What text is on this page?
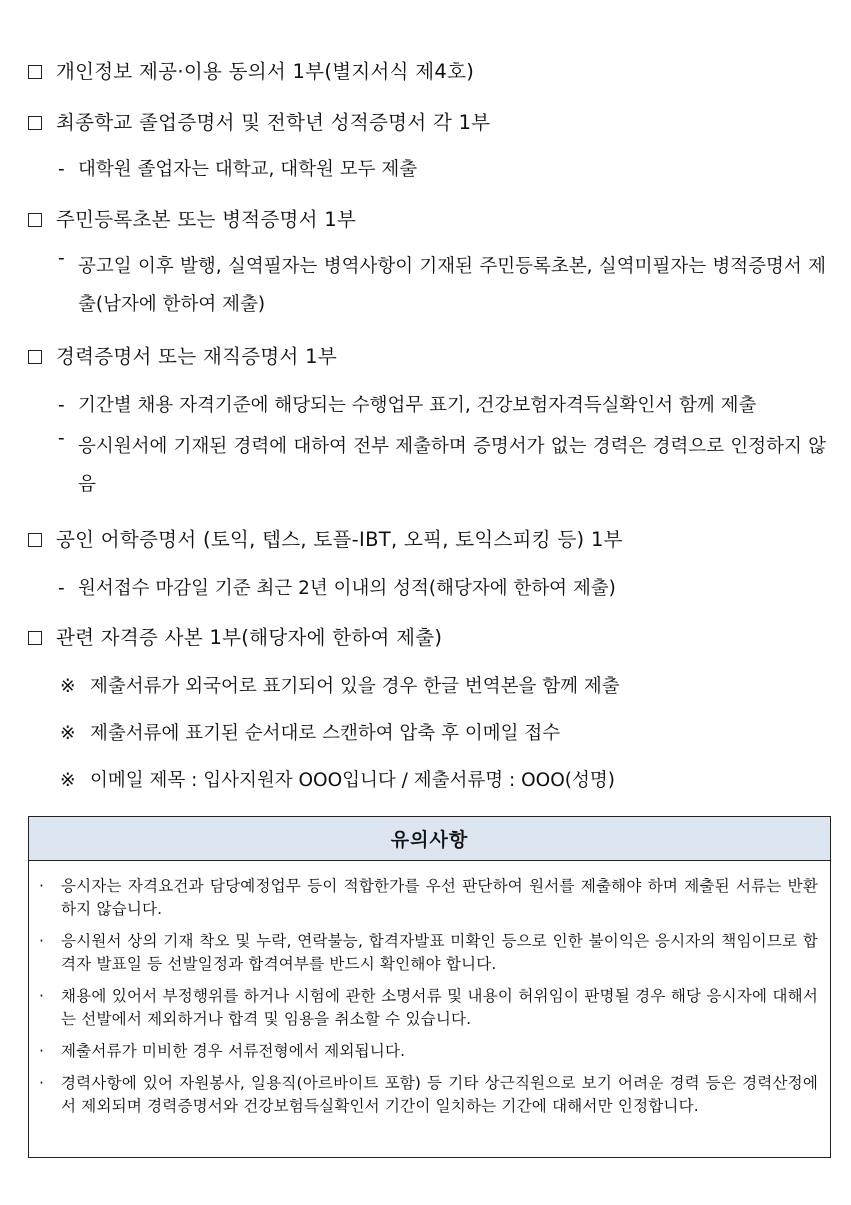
개인정보 제공·이용 동의서 1부(별지서식 제4호)
최종학교 졸업증명서 및 전학년 성적증명서 각 1부
- 대학원 졸업자는 대학교, 대학원 모두 제출
주민등록초본 또는 병적증명서 1부
- 공고일 이후 발행, 실역필자는 병역사항이 기재된 주민등록초본, 실역미필자는 병적증명서 제출(남자에 한하여 제출)
경력증명서 또는 재직증명서 1부
- 기간별 채용 자격기준에 해당되는 수행업무 표기, 건강보험자격득실확인서 함께 제출
- 응시원서에 기재된 경력에 대하여 전부 제출하며 증명서가 없는 경력은 경력으로 인정하지 않음
공인 어학증명서 (토익, 텝스, 토플-IBT, 오픽, 토익스피킹 등) 1부
- 원서접수 마감일 기준 최근 2년 이내의 성적(해당자에 한하여 제출)
관련 자격증 사본 1부(해당자에 한하여 제출)
※ 제출서류가 외국어로 표기되어 있을 경우 한글 번역본을 함께 제출
※ 제출서류에 표기된 순서대로 스캔하여 압축 후 이메일 접수
※ 이메일 제목 : 입사지원자 OOO입니다 / 제출서류명 : OOO(성명)
유의사항
· 응시자는 자격요건과 담당예정업무 등이 적합한가를 우선 판단하여 원서를 제출해야 하며 제출된 서류는 반환하지 않습니다.
· 응시원서 상의 기재 착오 및 누락, 연락불능, 합격자발표 미확인 등으로 인한 불이익은 응시자의 책임이므로 합격자 발표일 등 선발일정과 합격여부를 반드시 확인해야 합니다.
· 채용에 있어서 부정행위를 하거나 시험에 관한 소명서류 및 내용이 허위임이 판명될 경우 해당 응시자에 대해서는 선발에서 제외하거나 합격 및 임용을 취소할 수 있습니다.
· 제출서류가 미비한 경우 서류전형에서 제외됩니다.
· 경력사항에 있어 자원봉사, 일용직(아르바이트 포함) 등 기타 상근직원으로 보기 어려운 경력 등은 경력산정에서 제외되며 경력증명서와 건강보험득실확인서 기간이 일치하는 기간에 대해서만 인정합니다.
